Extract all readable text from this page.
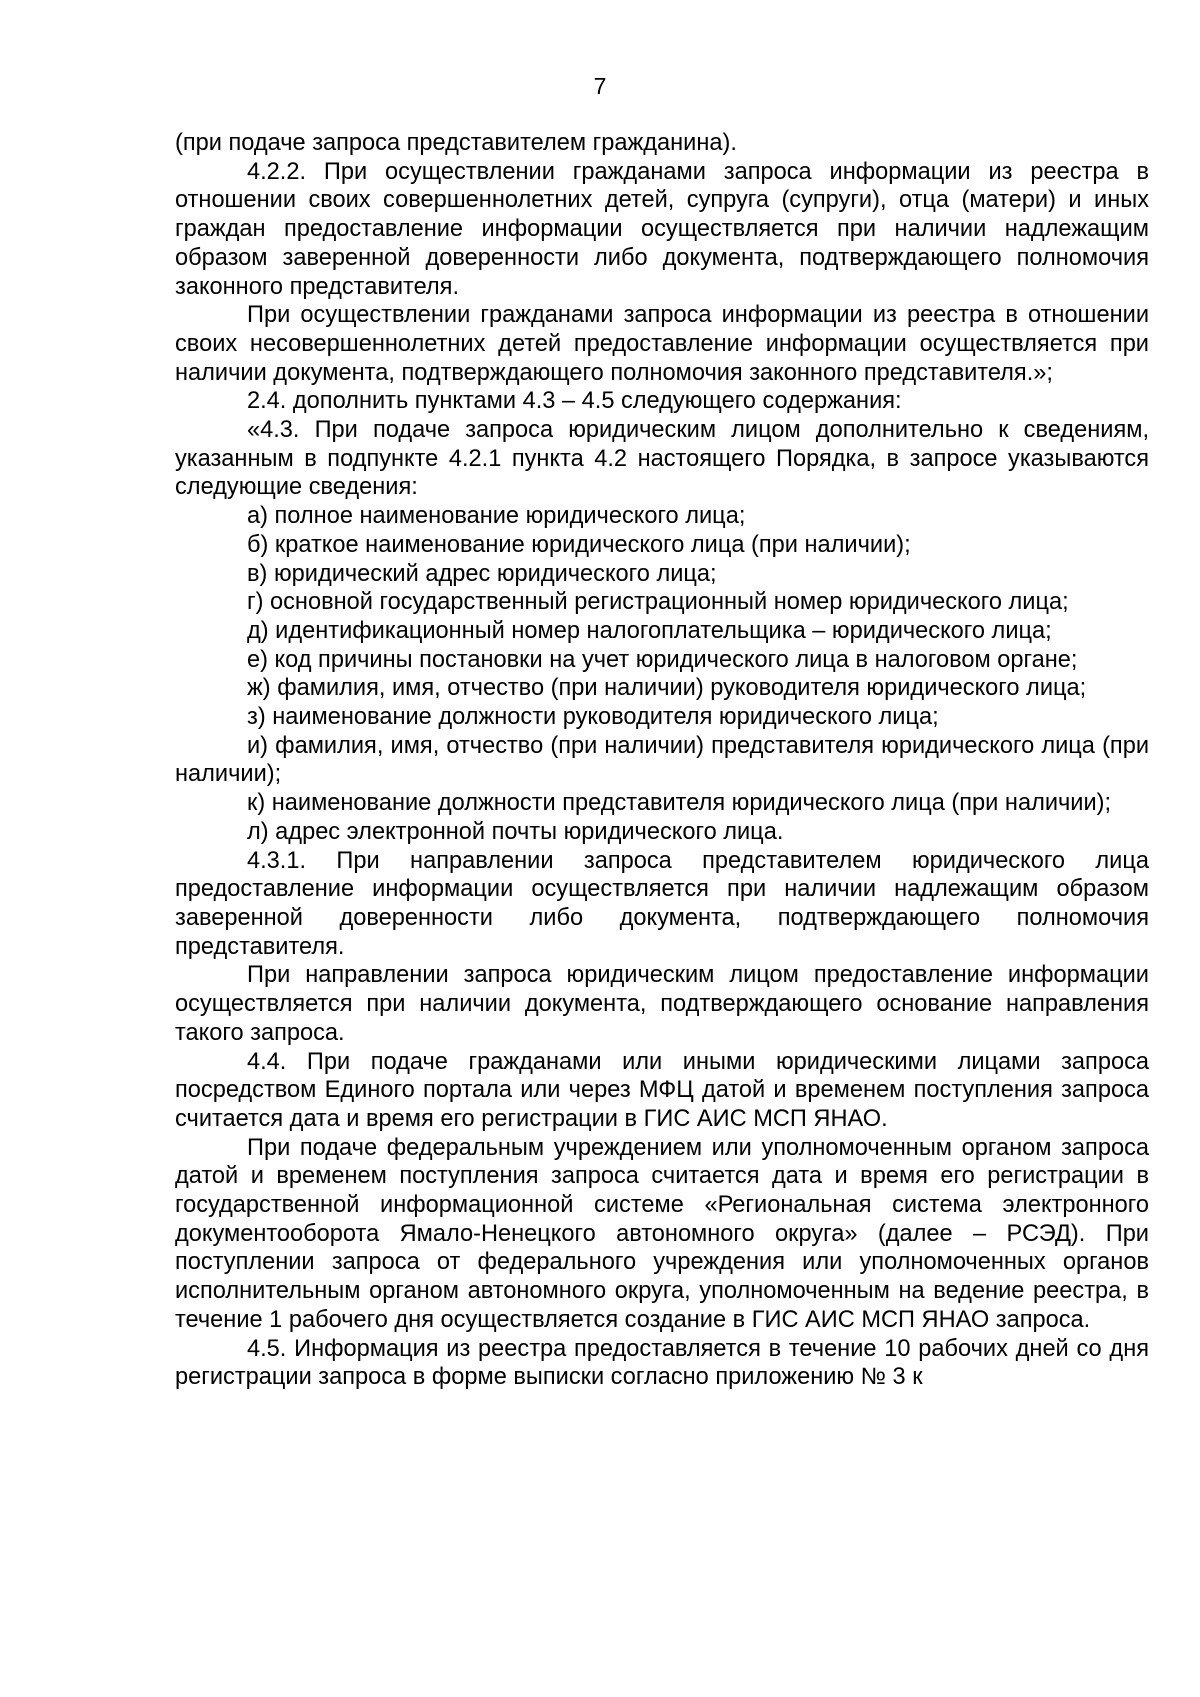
7

(при подаче запроса представителем гражданина).

4.2.2. При осуществлении гражданами запроса информации из реестра в отношении своих совершеннолетних детей, супруга (супруги), отца (матери) и иных граждан предоставление информации осуществляется при наличии надлежащим образом заверенной доверенности либо документа, подтверждающего полномочия законного представителя.

При осуществлении гражданами запроса информации из реестра в отношении своих несовершеннолетних детей предоставление информации осуществляется при наличии документа, подтверждающего полномочия законного представителя.»;

2.4. дополнить пунктами 4.3 – 4.5 следующего содержания:

«4.3. При подаче запроса юридическим лицом дополнительно к сведениям, указанным в подпункте 4.2.1 пункта 4.2 настоящего Порядка, в запросе указываются следующие сведения:

а) полное наименование юридического лица;

б) краткое наименование юридического лица (при наличии);

в) юридический адрес юридического лица;

г) основной государственный регистрационный номер юридического лица;

д) идентификационный номер налогоплательщика – юридического лица;

е) код причины постановки на учет юридического лица в налоговом органе;

ж) фамилия, имя, отчество (при наличии) руководителя юридического лица;

з) наименование должности руководителя юридического лица;

и) фамилия, имя, отчество (при наличии) представителя юридического лица (при наличии);

к) наименование должности представителя юридического лица (при наличии);

л) адрес электронной почты юридического лица.

4.3.1. При направлении запроса представителем юридического лица предоставление информации осуществляется при наличии надлежащим образом заверенной доверенности либо документа, подтверждающего полномочия представителя.

При направлении запроса юридическим лицом предоставление информации осуществляется при наличии документа, подтверждающего основание направления такого запроса.

4.4. При подаче гражданами или иными юридическими лицами запроса посредством Единого портала или через МФЦ датой и временем поступления запроса считается дата и время его регистрации в ГИС АИС МСП ЯНАО.

При подаче федеральным учреждением или уполномоченным органом запроса датой и временем поступления запроса считается дата и время его регистрации в государственной информационной системе «Региональная система электронного документооборота Ямало-Ненецкого автономного округа» (далее – РСЭД). При поступлении запроса от федерального учреждения или уполномоченных органов исполнительным органом автономного округа, уполномоченным на ведение реестра, в течение 1 рабочего дня осуществляется создание в ГИС АИС МСП ЯНАО запроса.

4.5. Информация из реестра предоставляется в течение 10 рабочих дней со дня регистрации запроса в форме выписки согласно приложению № 3 к
